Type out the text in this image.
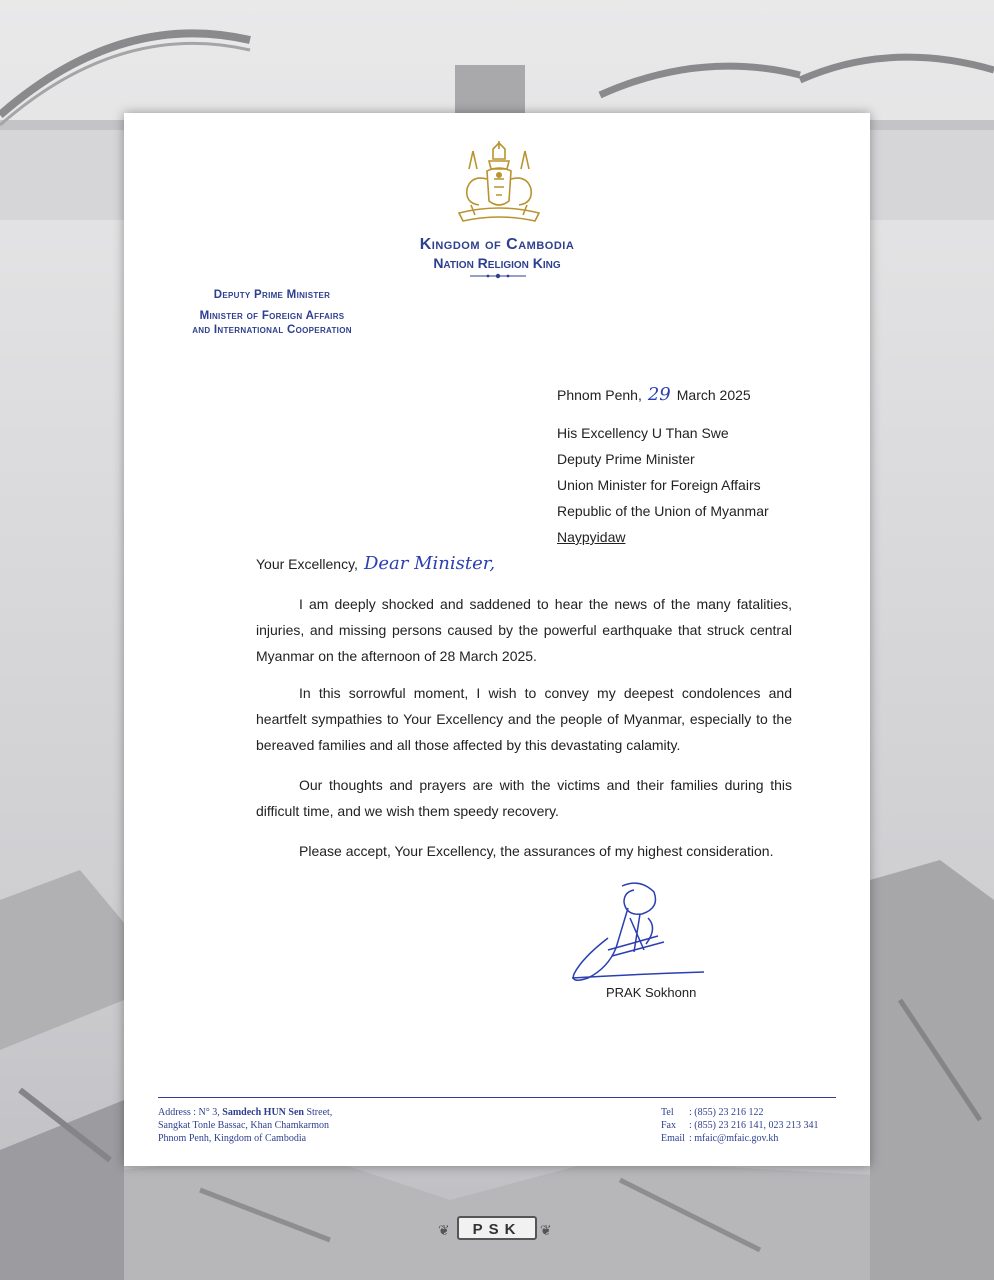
Kingdom of Cambodia
Nation Religion King
Deputy Prime Minister
Minister of Foreign Affairs
and International Cooperation
Phnom Penh, 29 March 2025
His Excellency U Than Swe
Deputy Prime Minister
Union Minister for Foreign Affairs
Republic of the Union of Myanmar
Naypyidaw
Your Excellency, Dear Minister,

I am deeply shocked and saddened to hear the news of the many fatalities, injuries, and missing persons caused by the powerful earthquake that struck central Myanmar on the afternoon of 28 March 2025.

In this sorrowful moment, I wish to convey my deepest condolences and heartfelt sympathies to Your Excellency and the people of Myanmar, especially to the bereaved families and all those affected by this devastating calamity.

Our thoughts and prayers are with the victims and their families during this difficult time, and we wish them speedy recovery.

Please accept, Your Excellency, the assurances of my highest consideration.

PRAK Sokhonn
Address : N° 3, Samdech HUN Sen Street,
Sangkat Tonle Bassac, Khan Chamkarmon
Phnom Penh, Kingdom of Cambodia
Tel : (855) 23 216 122
Fax : (855) 23 216 141, 023 213 341
Email : mfaic@mfaic.gov.kh
❦	PSK	❦
